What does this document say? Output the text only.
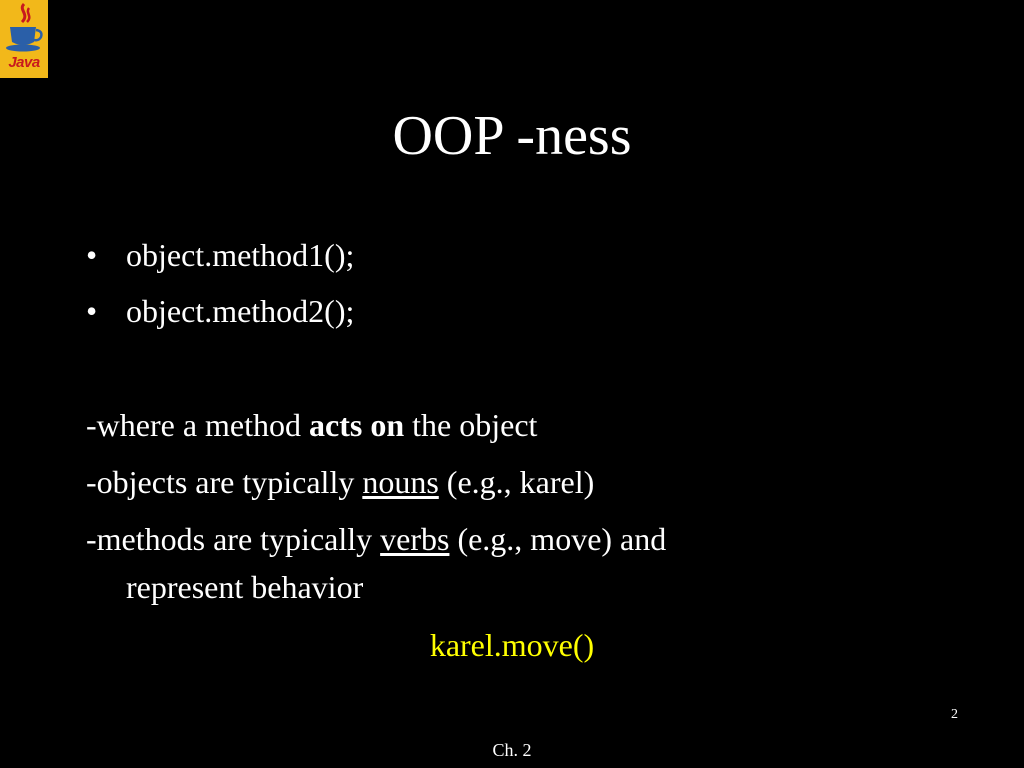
Java
OOP -ness
• object.method1();
• object.method2();
-where a method acts on the object
-objects are typically nouns (e.g., karel)
-methods are typically verbs (e.g., move) and
represent behavior
karel.move()
2
Ch. 2
